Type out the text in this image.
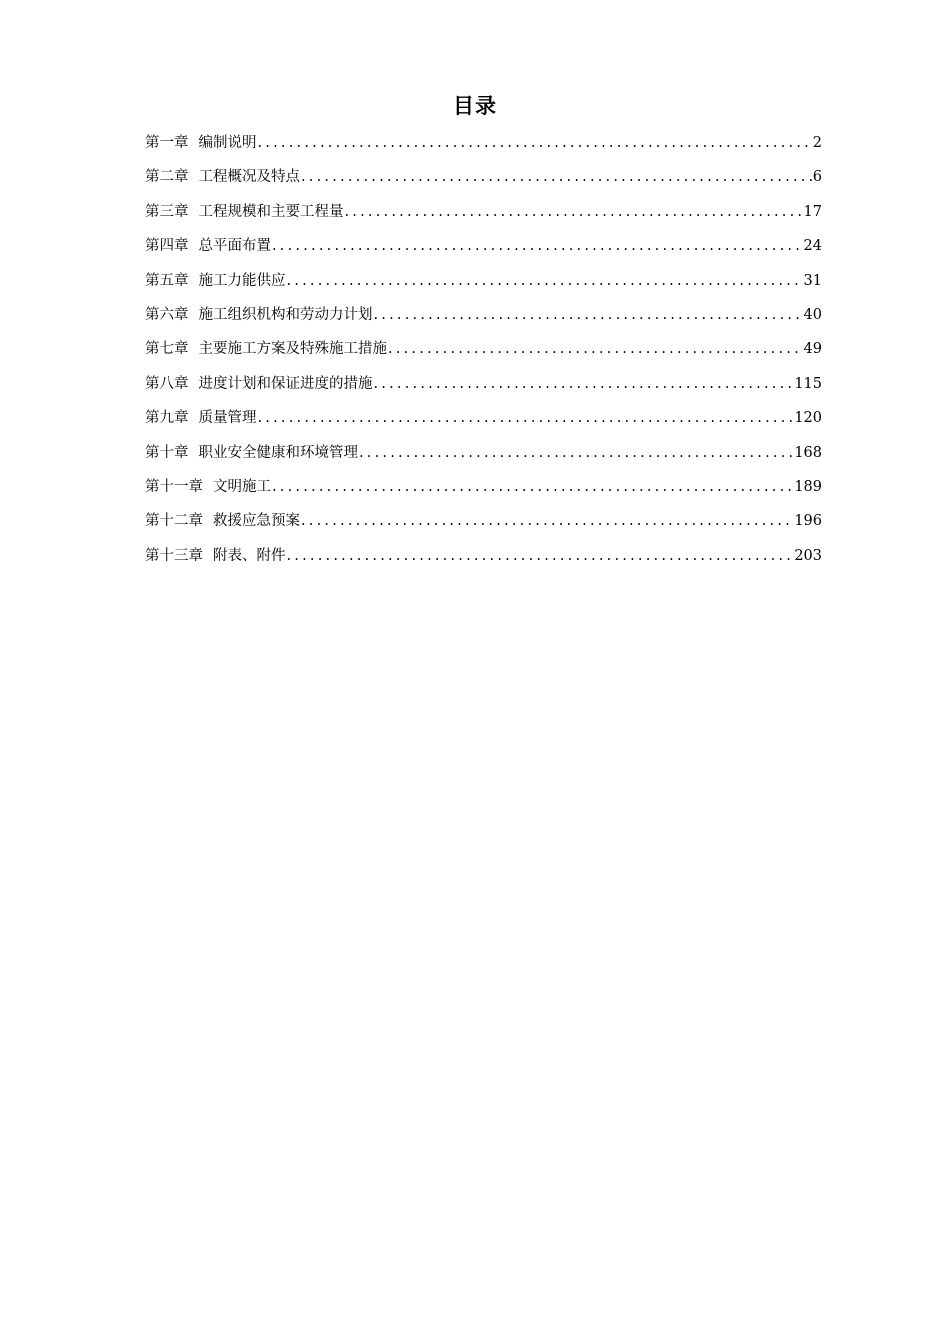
目录
第一章 编制说明 .....	2
第二章 工程概况及特点 .....	6
第三章 工程规模和主要工程量 .....	17
第四章 总平面布置 .....	24
第五章 施工力能供应 .....	31
第六章 施工组织机构和劳动力计划 .....	40
第七章 主要施工方案及特殊施工措施 .....	49
第八章 进度计划和保证进度的措施 .....	115
第九章 质量管理 .....	120
第十章 职业安全健康和环境管理 .....	168
第十一章 文明施工 .....	189
第十二章 救援应急预案 .....	196
第十三章 附表、附件 .....	203
